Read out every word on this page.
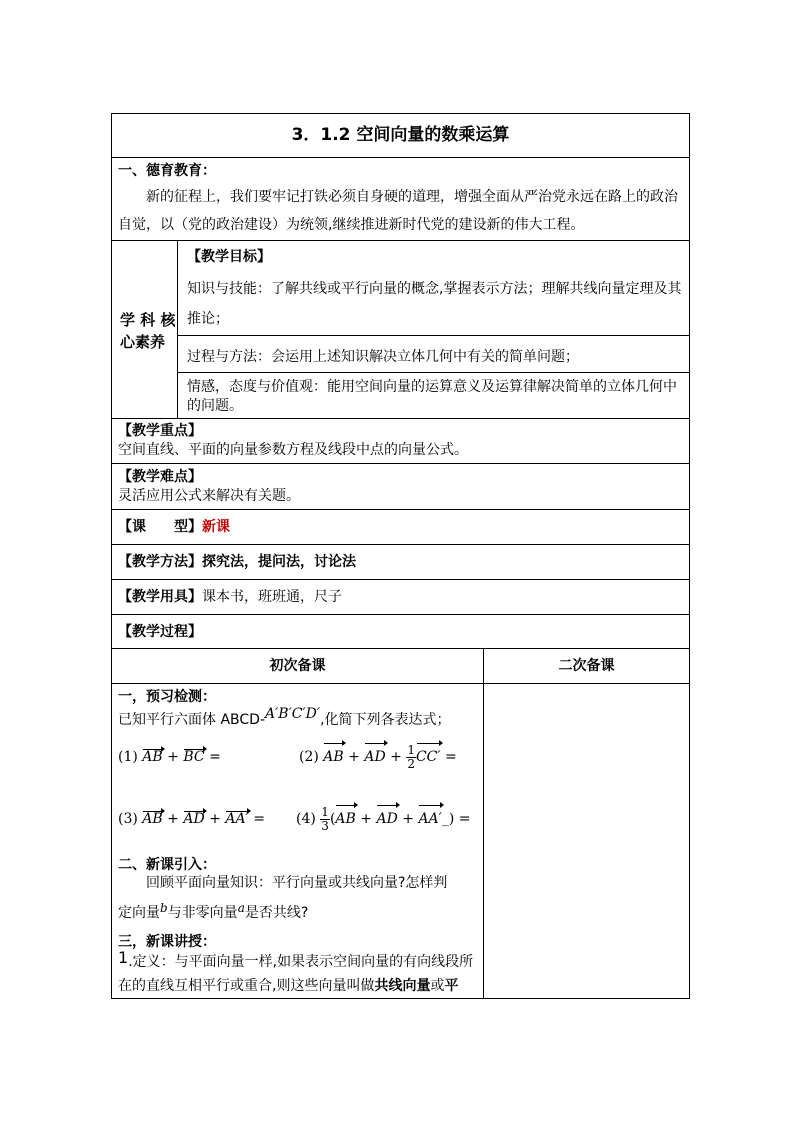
3．1.2 空间向量的数乘运算
一、德育教育：
新的征程上，我们要牢记打铁必须自身硬的道理，增强全面从严治党永远在路上的政治
自觉，以（党的政治建设）为统领,继续推进新时代党的建设新的伟大工程。
学 科 核
心素养
【教学目标】
知识与技能：了解共线或平行向量的概念,掌握表示方法；理解共线向量定理及其
推论；
过程与方法：会运用上述知识解决立体几何中有关的简单问题；
情感，态度与价值观：能用空间向量的运算意义及运算律解决简单的立体几何中
的问题。
【教学重点】
空间直线、平面的向量参数方程及线段中点的向量公式。
【教学难点】
灵活应用公式来解决有关题。
【课　　型】新课
【教学方法】探究法，提问法，讨论法
【教学用具】课本书，班班通，尺子
【教学过程】
初次备课	二次备课
一，预习检测：
已知平行六面体 ABCD-A′B′C′D′,化简下列各表达式；
(1) AB + BC =	(2) AB + AD + $\frac{1}{2} CC'$ =
(3) AB + AD + $AA' = (4) \frac{1}{3} (AB$ + AD + AA′_) =
二、新课引入：
回顾平面向量知识：平行向量或共线向量?怎样判
定向量b与非零向量a是否共线?
三，新课讲授：
1.定义：与平面向量一样,如果表示空间向量的有向线段所
在的直线互相平行或重合,则这些向量叫做共线向量或平
